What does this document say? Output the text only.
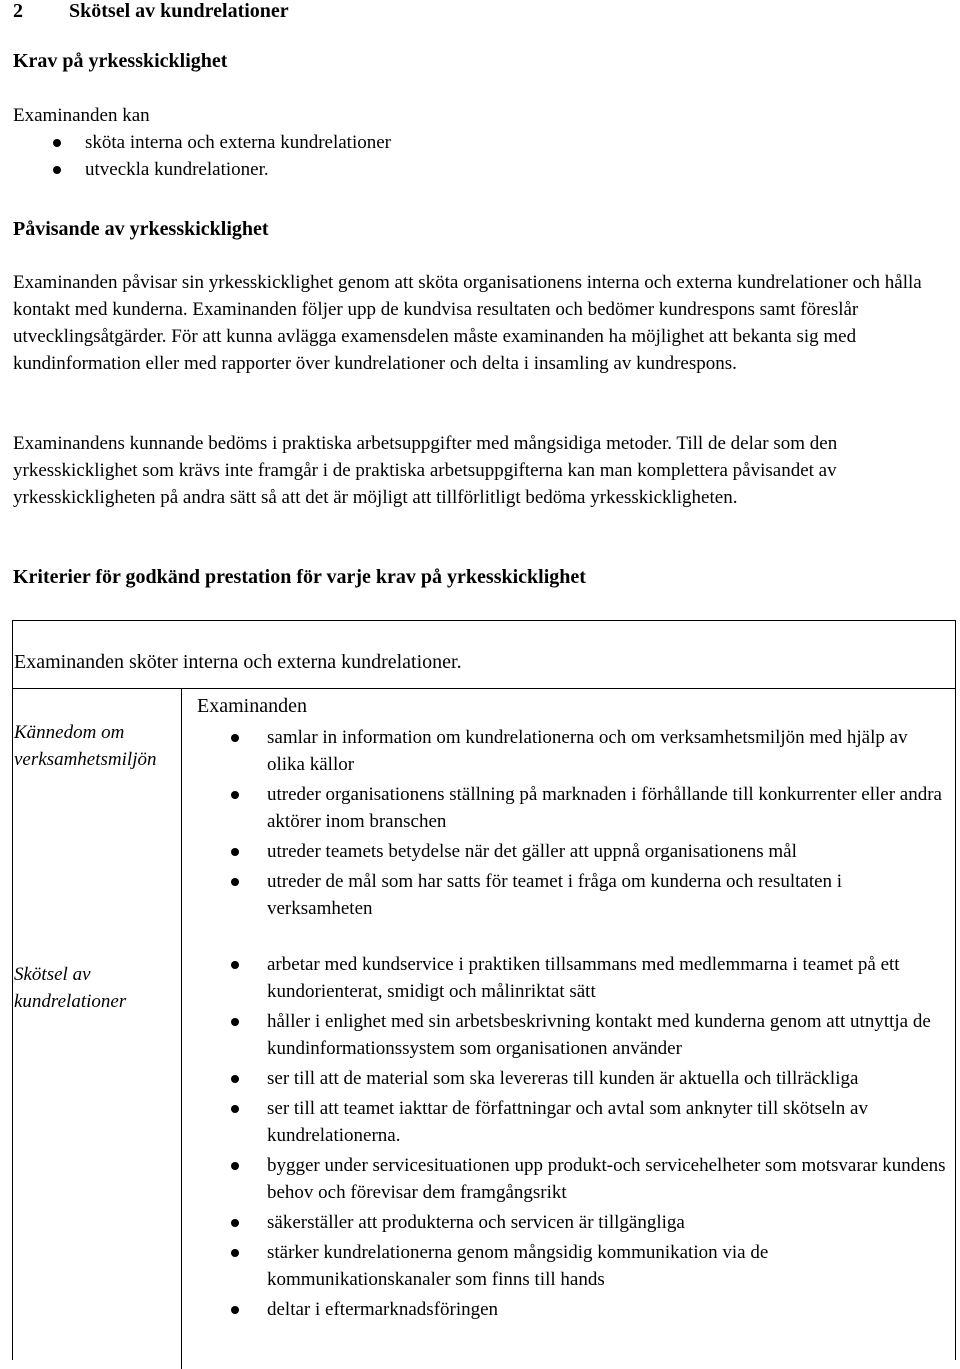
2 Skötsel av kundrelationer
Krav på yrkesskicklighet

Examinanden kan

sköta interna och externa kundrelationer
utveckla kundrelationer.
Påvisande av yrkesskicklighet

Examinanden påvisar sin yrkesskicklighet genom att sköta organisationens interna och externa kundrelationer och hålla kontakt med kunderna. Examinanden följer upp de kundvisa resultaten och bedömer kundrespons samt föreslår utvecklingsåtgärder. För att kunna avlägga examensdelen måste examinanden ha möjlighet att bekanta sig med kundinformation eller med rapporter över kundrelationer och delta i insamling av kundrespons.

Examinandens kunnande bedöms i praktiska arbetsuppgifter med mångsidiga metoder. Till de delar som den yrkesskicklighet som krävs inte framgår i de praktiska arbetsuppgifterna kan man komplettera påvisandet av yrkesskickligheten på andra sätt så att det är möjligt att tillförlitligt bedöma yrkesskickligheten.

Kriterier för godkänd prestation för varje krav på yrkesskicklighet
Examinanden sköter interna och externa kundrelationer.
Kännedom om verksamhetsmiljön

Examinanden

samlar in information om kundrelationerna och om verksamhetsmiljön med hjälp av olika källor
utreder organisationens ställning på marknaden i förhållande till konkurrenter eller andra aktörer inom branschen
utreder teamets betydelse när det gäller att uppnå organisationens mål
utreder de mål som har satts för teamet i fråga om kunderna och resultaten i verksamheten
Skötsel av kundrelationer
arbetar med kundservice i praktiken tillsammans med medlemmarna i teamet på ett kundorienterat, smidigt och målinriktat sätt
håller i enlighet med sin arbetsbeskrivning kontakt med kunderna genom att utnyttja de kundinformationssystem som organisationen använder
ser till att de material som ska levereras till kunden är aktuella och tillräckliga
ser till att teamet iakttar de författningar och avtal som anknyter till skötseln av kundrelationerna.
bygger under servicesituationen upp produkt-och servicehelheter som motsvarar kundens behov och förevisar dem framgångsrikt
säkerställer att produkterna och servicen är tillgängliga
stärker kundrelationerna genom mångsidig kommunikation via de kommunikationskanaler som finns till hands
deltar i eftermarknadsföringen
